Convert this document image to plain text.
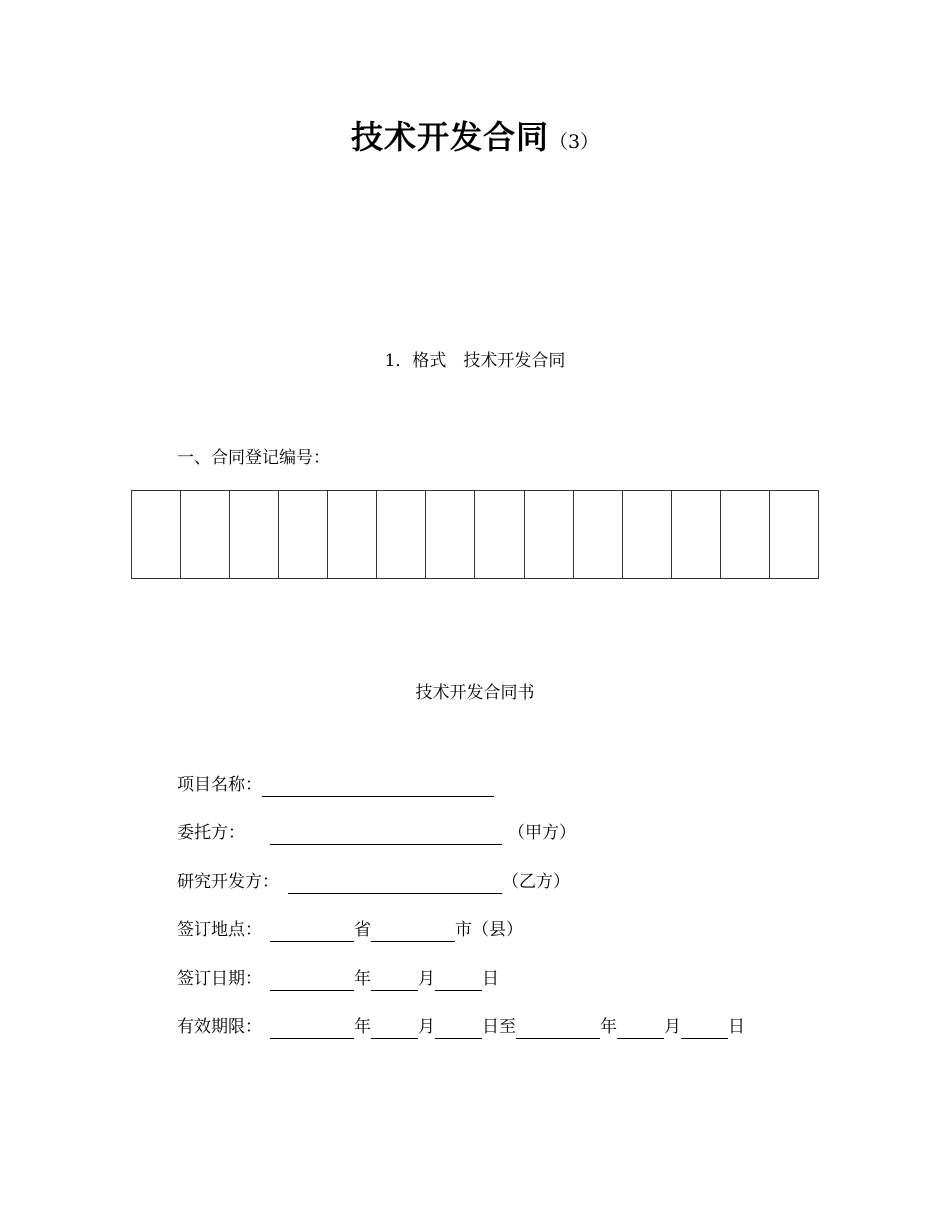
技术开发合同（3）
1．格式　技术开发合同
一、合同登记编号：

技术开发合同书
项目名称：
委托方：	（甲方）
研究开发方：	（乙方）
签订地点：	省	市（县）
签订日期：	年	月	日
有效期限：	年	月	日至	年	月	日
